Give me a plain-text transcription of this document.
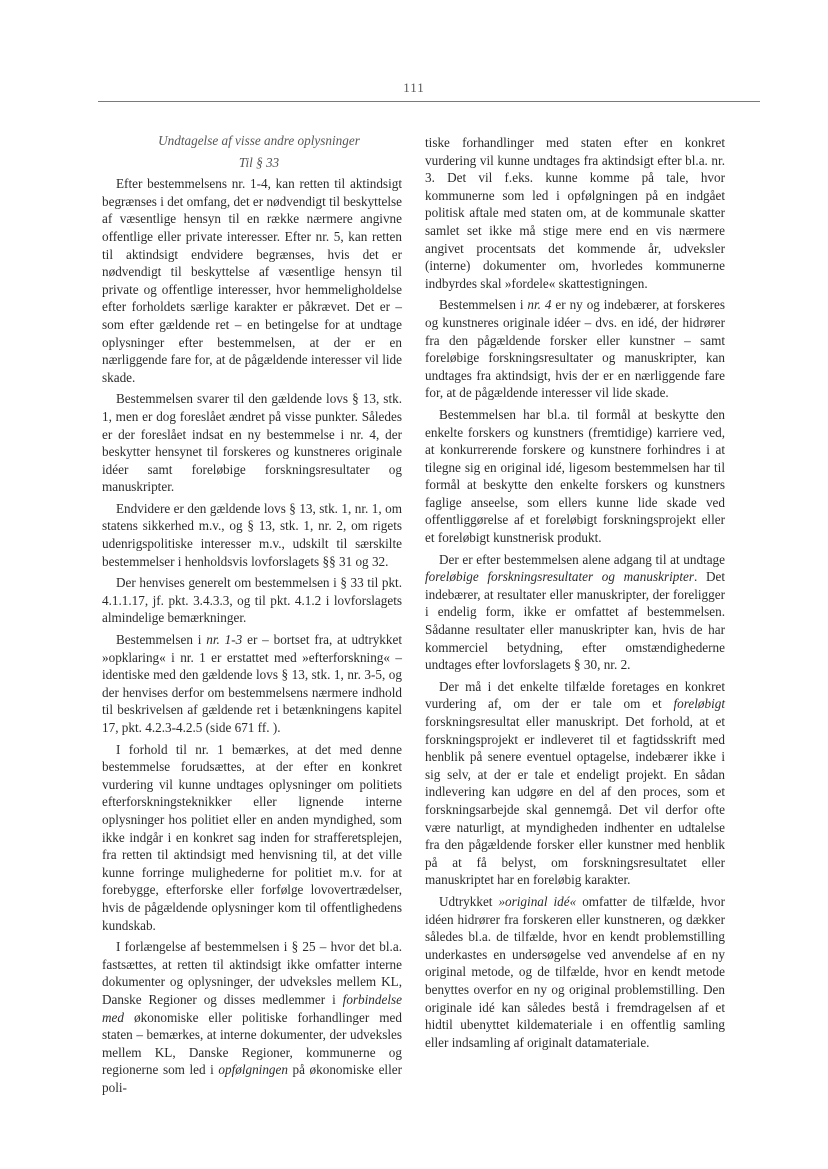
111

Undtagelse af visse andre oplysninger

Til § 33

Efter bestemmelsens nr. 1-4, kan retten til aktindsigt begrænses i det omfang, det er nødvendigt til beskyttelse af væsentlige hensyn til en række nærmere angivne offentlige eller private interesser. Efter nr. 5, kan retten til aktindsigt endvidere begrænses, hvis det er nødvendigt til beskyttelse af væsentlige hensyn til private og offentlige interesser, hvor hemmeligholdelse efter forholdets særlige karakter er påkrævet. Det er – som efter gældende ret – en betingelse for at undtage oplysninger efter bestemmelsen, at der er en nærliggende fare for, at de pågældende interesser vil lide skade.

Bestemmelsen svarer til den gældende lovs § 13, stk. 1, men er dog foreslået ændret på visse punkter. Således er der foreslået indsat en ny bestemmelse i nr. 4, der beskytter hensynet til forskeres og kunstneres originale idéer samt foreløbige forskningsresultater og manuskripter.

Endvidere er den gældende lovs § 13, stk. 1, nr. 1, om statens sikkerhed m.v., og § 13, stk. 1, nr. 2, om rigets udenrigspolitiske interesser m.v., udskilt til særskilte bestemmelser i henholdsvis lovforslagets §§ 31 og 32.

Der henvises generelt om bestemmelsen i § 33 til pkt. 4.1.1.17, jf. pkt. 3.4.3.3, og til pkt. 4.1.2 i lovforslagets almindelige bemærkninger.

Bestemmelsen i nr. 1-3 er – bortset fra, at udtrykket »opklaring« i nr. 1 er erstattet med »efterforskning« – identiske med den gældende lovs § 13, stk. 1, nr. 3-5, og der henvises derfor om bestemmelsens nærmere indhold til beskrivelsen af gældende ret i betænkningens kapitel 17, pkt. 4.2.3-4.2.5 (side 671 ff. ).

I forhold til nr. 1 bemærkes, at det med denne bestemmelse forudsættes, at der efter en konkret vurdering vil kunne undtages oplysninger om politiets efterforskningsteknikker eller lignende interne oplysninger hos politiet eller en anden myndighed, som ikke indgår i en konkret sag inden for strafferetsplejen, fra retten til aktindsigt med henvisning til, at det ville kunne forringe mulighederne for politiet m.v. for at forebygge, efterforske eller forfølge lovovertrædelser, hvis de pågældende oplysninger kom til offentlighedens kundskab.

I forlængelse af bestemmelsen i § 25 – hvor det bl.a. fastsættes, at retten til aktindsigt ikke omfatter interne dokumenter og oplysninger, der udveksles mellem KL, Danske Regioner og disses medlemmer i forbindelse med økonomiske eller politiske forhandlinger med staten – bemærkes, at interne dokumenter, der udveksles mellem KL, Danske Regioner, kommunerne og regionerne som led i opfølgningen på økonomiske eller poli-

tiske forhandlinger med staten efter en konkret vurdering vil kunne undtages fra aktindsigt efter bl.a. nr. 3. Det vil f.eks. kunne komme på tale, hvor kommunerne som led i opfølgningen på en indgået politisk aftale med staten om, at de kommunale skatter samlet set ikke må stige mere end en vis nærmere angivet procentsats det kommende år, udveksler (interne) dokumenter om, hvorledes kommunerne indbyrdes skal »fordele« skattestigningen.

Bestemmelsen i nr. 4 er ny og indebærer, at forskeres og kunstneres originale idéer – dvs. en idé, der hidrører fra den pågældende forsker eller kunstner – samt foreløbige forskningsresultater og manuskripter, kan undtages fra aktindsigt, hvis der er en nærliggende fare for, at de pågældende interesser vil lide skade.

Bestemmelsen har bl.a. til formål at beskytte den enkelte forskers og kunstners (fremtidige) karriere ved, at konkurrerende forskere og kunstnere forhindres i at tilegne sig en original idé, ligesom bestemmelsen har til formål at beskytte den enkelte forskers og kunstners faglige anseelse, som ellers kunne lide skade ved offentliggørelse af et foreløbigt forskningsprojekt eller et foreløbigt kunstnerisk produkt.

Der er efter bestemmelsen alene adgang til at undtage foreløbige forskningsresultater og manuskripter. Det indebærer, at resultater eller manuskripter, der foreligger i endelig form, ikke er omfattet af bestemmelsen. Sådanne resultater eller manuskripter kan, hvis de har kommerciel betydning, efter omstændighederne undtages efter lovforslagets § 30, nr. 2.

Der må i det enkelte tilfælde foretages en konkret vurdering af, om der er tale om et foreløbigt forskningsresultat eller manuskript. Det forhold, at et forskningsprojekt er indleveret til et fagtidsskrift med henblik på senere eventuel optagelse, indebærer ikke i sig selv, at der er tale et endeligt projekt. En sådan indlevering kan udgøre en del af den proces, som et forskningsarbejde skal gennemgå. Det vil derfor ofte være naturligt, at myndigheden indhenter en udtalelse fra den pågældende forsker eller kunstner med henblik på at få belyst, om forskningsresultatet eller manuskriptet har en foreløbig karakter.

Udtrykket »original idé« omfatter de tilfælde, hvor idéen hidrører fra forskeren eller kunstneren, og dækker således bl.a. de tilfælde, hvor en kendt problemstilling underkastes en undersøgelse ved anvendelse af en ny original metode, og de tilfælde, hvor en kendt metode benyttes overfor en ny og original problemstilling. Den originale idé kan således bestå i fremdragelsen af et hidtil ubenyttet kildemateriale i en offentlig samling eller indsamling af originalt datamateriale.
